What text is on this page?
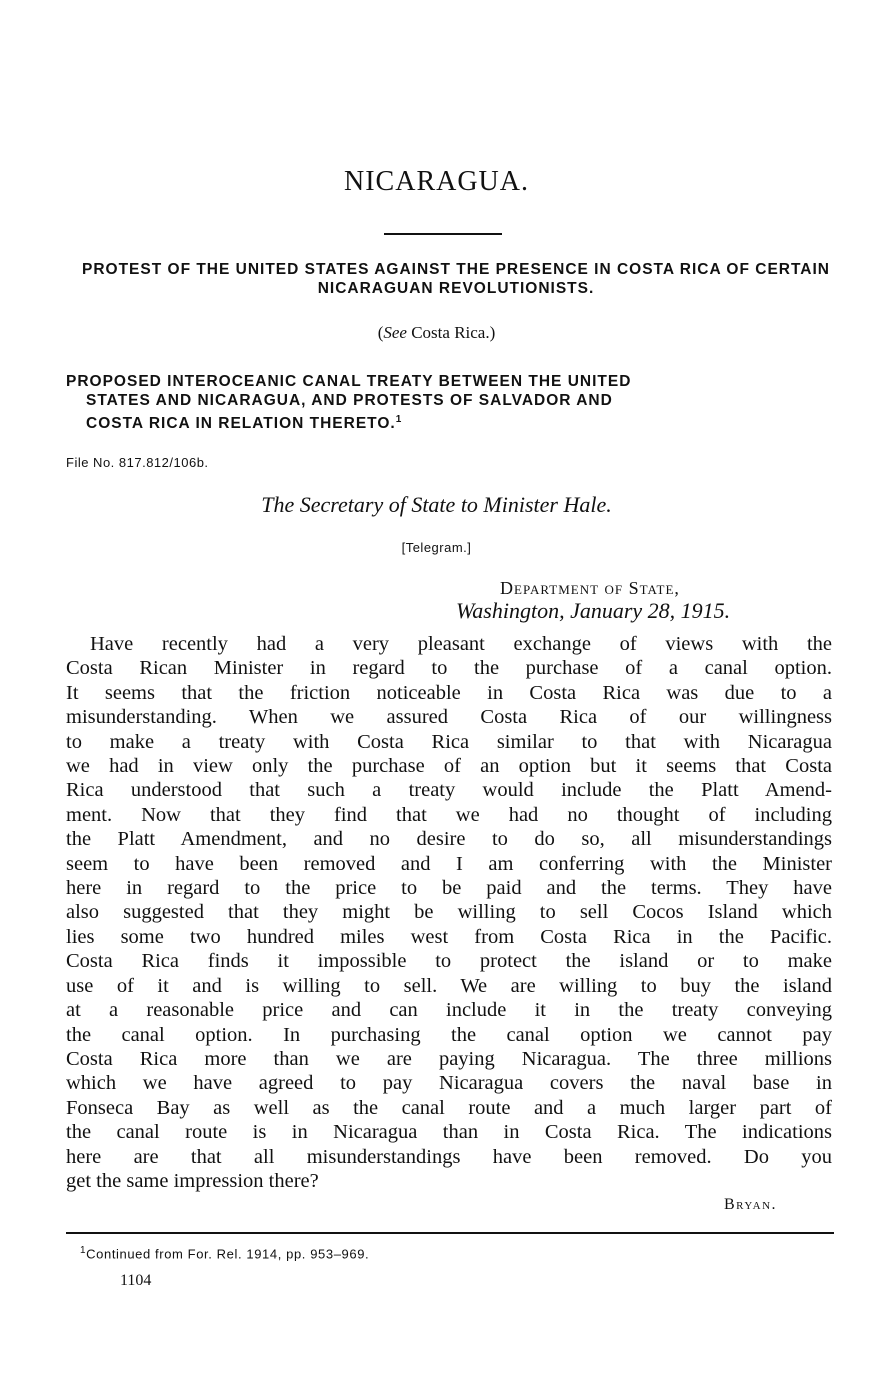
NICARAGUA.

PROTEST OF THE UNITED STATES AGAINST THE PRESENCE IN COSTA RICA OF CERTAIN NICARAGUAN REVOLUTIONISTS.

(See Costa Rica.)
PROPOSED INTEROCEANIC CANAL TREATY BETWEEN THE UNITED
STATES AND NICARAGUA, AND PROTESTS OF SALVADOR AND
COSTA RICA IN RELATION THERETO.$^1$
File No. 817.812/106b.
The Secretary of State to Minister Hale.
[Telegram.]
Department of State,
Washington, January 28, 1915.
Have recently had a very pleasant exchange of views with the
Costa Rican Minister in regard to the purchase of a canal option.
It seems that the friction noticeable in Costa Rica was due to a
misunderstanding. When we assured Costa Rica of our willingness
to make a treaty with Costa Rica similar to that with Nicaragua
we had in view only the purchase of an option but it seems that Costa
Rica understood that such a treaty would include the Platt Amend-
ment. Now that they find that we had no thought of including
the Platt Amendment, and no desire to do so, all misunderstandings
seem to have been removed and I am conferring with the Minister
here in regard to the price to be paid and the terms. They have
also suggested that they might be willing to sell Cocos Island which
lies some two hundred miles west from Costa Rica in the Pacific.
Costa Rica finds it impossible to protect the island or to make
use of it and is willing to sell. We are willing to buy the island
at a reasonable price and can include it in the treaty conveying
the canal option. In purchasing the canal option we cannot pay
Costa Rica more than we are paying Nicaragua. The three millions
which we have agreed to pay Nicaragua covers the naval base in
Fonseca Bay as well as the canal route and a much larger part of
the canal route is in Nicaragua than in Costa Rica. The indications
here are that all misunderstandings have been removed. Do you
get the same impression there?
Bryan.
$^1$Continued from For. Rel. 1914, pp. 953–969.
1104
